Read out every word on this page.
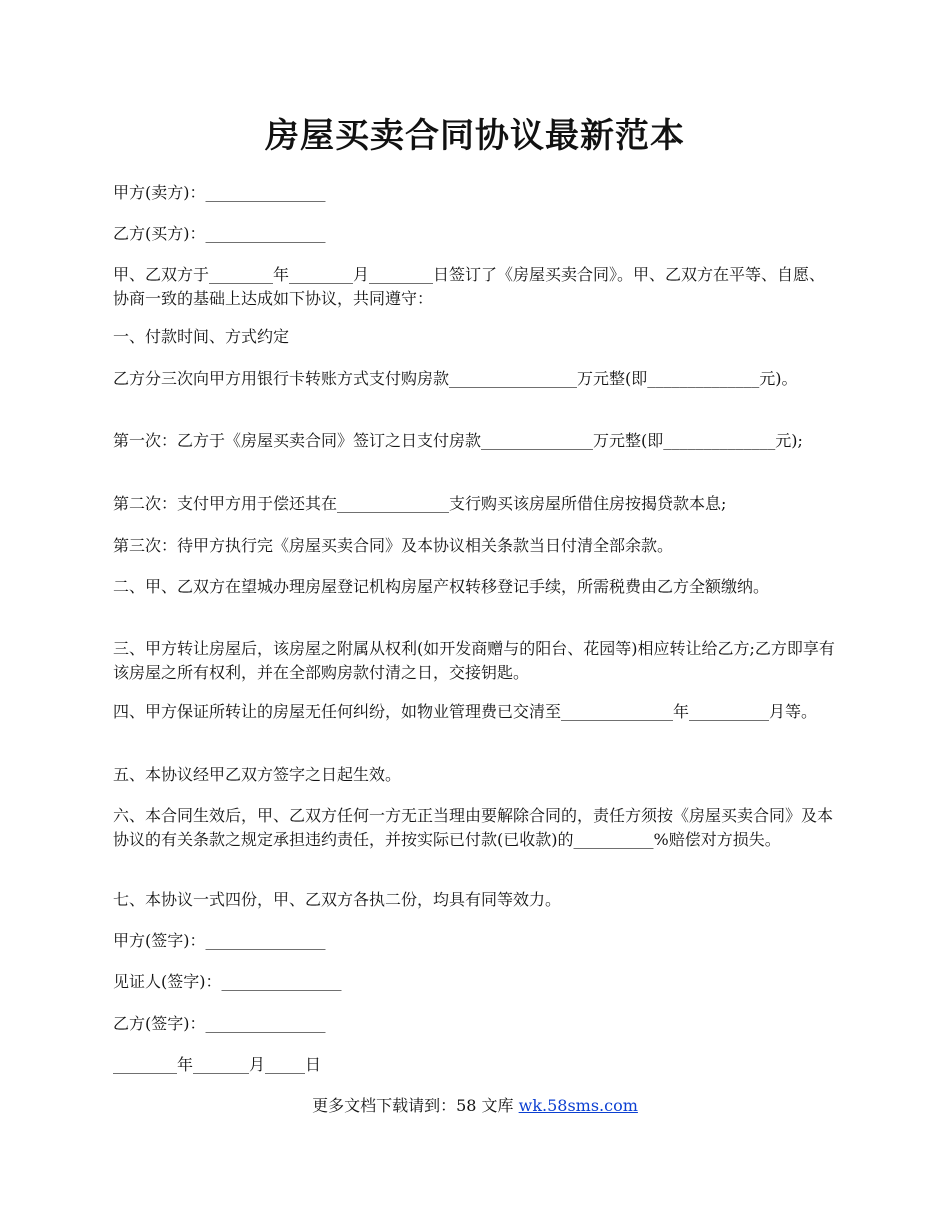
房屋买卖合同协议最新范本
甲方(卖方)：_______________
乙方(买方)：_______________
甲、乙双方于________年________月________日签订了《房屋买卖合同》。甲、乙双方在平等、自愿、协商一致的基础上达成如下协议，共同遵守：
一、付款时间、方式约定
乙方分三次向甲方用银行卡转账方式支付购房款________________万元整(即______________元)。
第一次：乙方于《房屋买卖合同》签订之日支付房款______________万元整(即______________元);
第二次：支付甲方用于偿还其在______________支行购买该房屋所借住房按揭贷款本息;
第三次：待甲方执行完《房屋买卖合同》及本协议相关条款当日付清全部余款。
二、甲、乙双方在望城办理房屋登记机构房屋产权转移登记手续，所需税费由乙方全额缴纳。
三、甲方转让房屋后，该房屋之附属从权利(如开发商赠与的阳台、花园等)相应转让给乙方;乙方即享有该房屋之所有权利，并在全部购房款付清之日，交接钥匙。
四、甲方保证所转让的房屋无任何纠纷，如物业管理费已交清至______________年__________月等。
五、本协议经甲乙双方签字之日起生效。
六、本合同生效后，甲、乙双方任何一方无正当理由要解除合同的，责任方须按《房屋买卖合同》及本协议的有关条款之规定承担违约责任，并按实际已付款(已收款)的__________%赔偿对方损失。
七、本协议一式四份，甲、乙双方各执二份，均具有同等效力。
甲方(签字)：_______________
见证人(签字)：_______________
乙方(签字)：_______________
________年_______月_____日
更多文档下载请到：58 文库 wk.58sms.com
